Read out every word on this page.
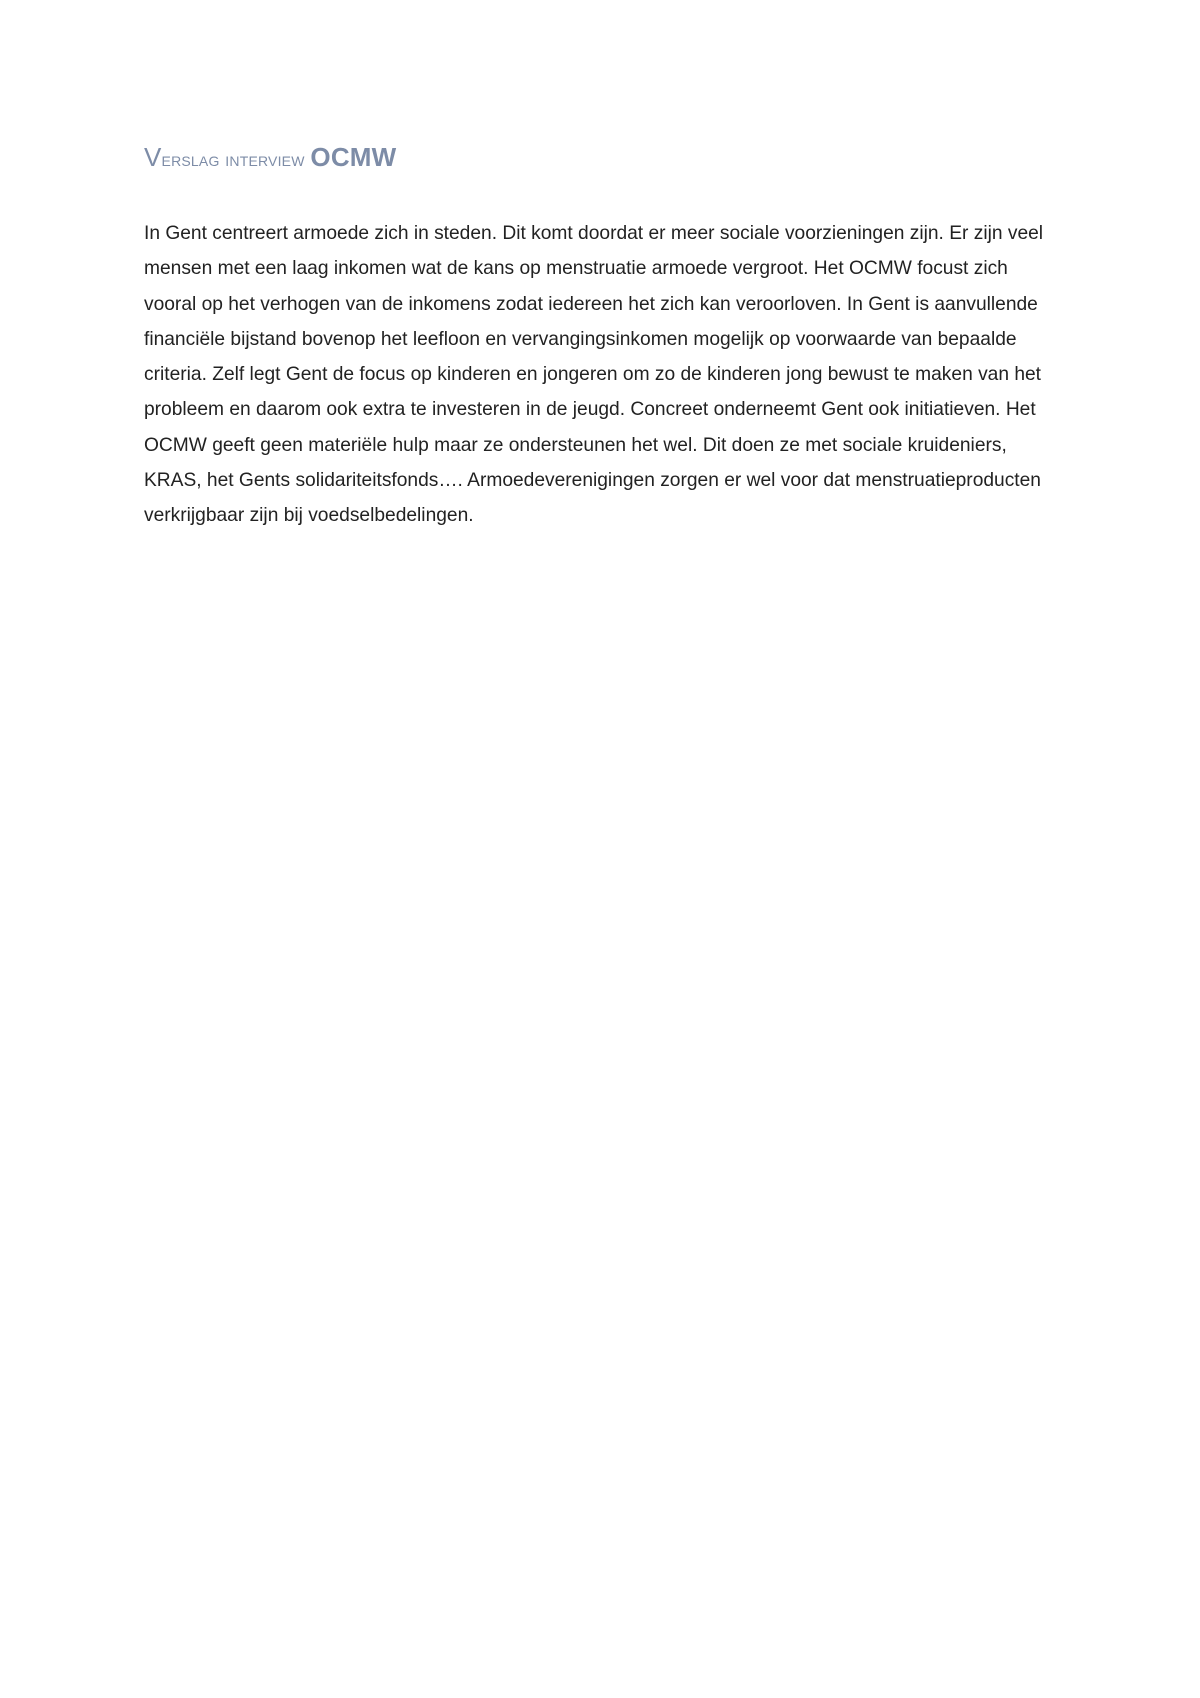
Verslag interview OCMW

In Gent centreert armoede zich in steden. Dit komt doordat er meer sociale voorzieningen zijn. Er zijn veel mensen met een laag inkomen wat de kans op menstruatie armoede vergroot. Het OCMW focust zich vooral op het verhogen van de inkomens zodat iedereen het zich kan veroorloven. In Gent is aanvullende financiële bijstand bovenop het leefloon en vervangingsinkomen mogelijk op voorwaarde van bepaalde criteria. Zelf legt Gent de focus op kinderen en jongeren om zo de kinderen jong bewust te maken van het probleem en daarom ook extra te investeren in de jeugd. Concreet onderneemt Gent ook initiatieven. Het OCMW geeft geen materiële hulp maar ze ondersteunen het wel. Dit doen ze met sociale kruideniers, KRAS, het Gents solidariteitsfonds…. Armoedeverenigingen zorgen er wel voor dat menstruatieproducten verkrijgbaar zijn bij voedselbedelingen.
